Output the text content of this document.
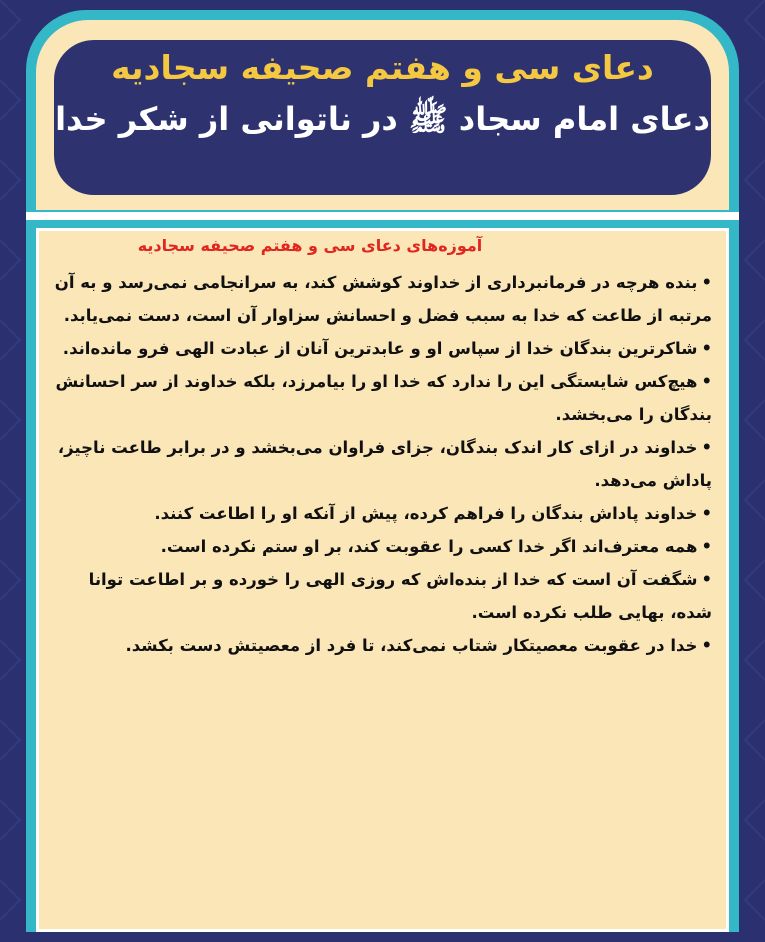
دعای سی و هفتم صحیفه سجادیه
دعای امام سجاد ﷺ در ناتوانی از شکر خدا
آموزه‌های دعای سی و هفتم صحیفه سجادیه
•بنده هرچه در فرمانبرداری از خداوند کوشش کند، به سرانجامی نمی‌رسد و به آن مرتبه از طاعت که خدا به سبب فضل و احسانش سزاوار آن است، دست نمی‌یابد.
•شاکرترین بندگان خدا از سپاس او و عابدترین آنان از عبادت الهی فرو مانده‌اند.
•هیچ‌کس شایستگی این را ندارد که خدا او را بیامرزد، بلکه خداوند از سر احسانش بندگان را می‌بخشد.
•خداوند در ازای کار اندک بندگان، جزای فراوان می‌بخشد و در برابر طاعت ناچیز، پاداش می‌دهد.
•خداوند پاداش بندگان را فراهم کرده، پیش از آنکه او را اطاعت کنند.
•همه معترف‌اند اگر خدا کسی را عقوبت کند، بر او ستم نکرده است.
•شگفت آن است که خدا از بنده‌اش که روزی الهی را خورده و بر اطاعت توانا شده، بهایی طلب نکرده است.
•خدا در عقوبت معصیتکار شتاب نمی‌کند، تا فرد از معصیتش دست بکشد.
